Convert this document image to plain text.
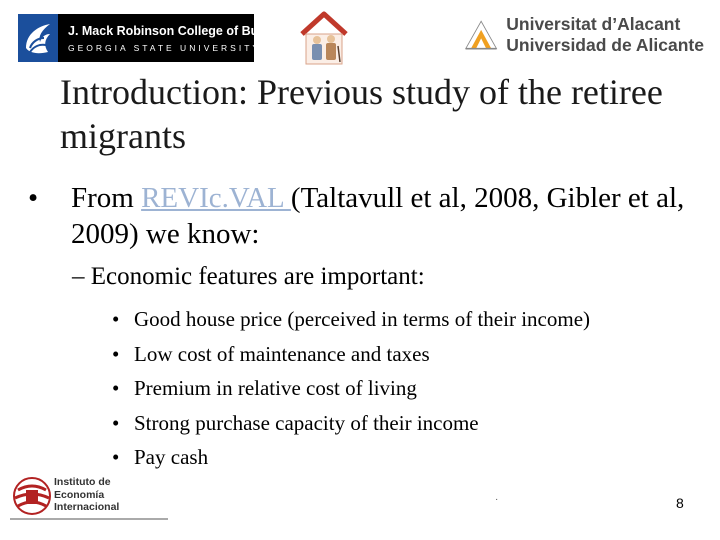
J. Mack Robinson College of Business
GEORGIA STATE UNIVERSITY
Universitat d’Alacant
Universidad de Alicante
Introduction: Previous study of the retiree migrants
• From REVIc.VAL (Taltavull et al, 2008, Gibler et al, 2009) we know:
– Economic features are important:
• Good house price (perceived in terms of their income)
• Low cost of maintenance and taxes
• Premium in relative cost of living
• Strong purchase capacity of their income
• Pay cash
Instituto de
Economía
Internacional
·	8
